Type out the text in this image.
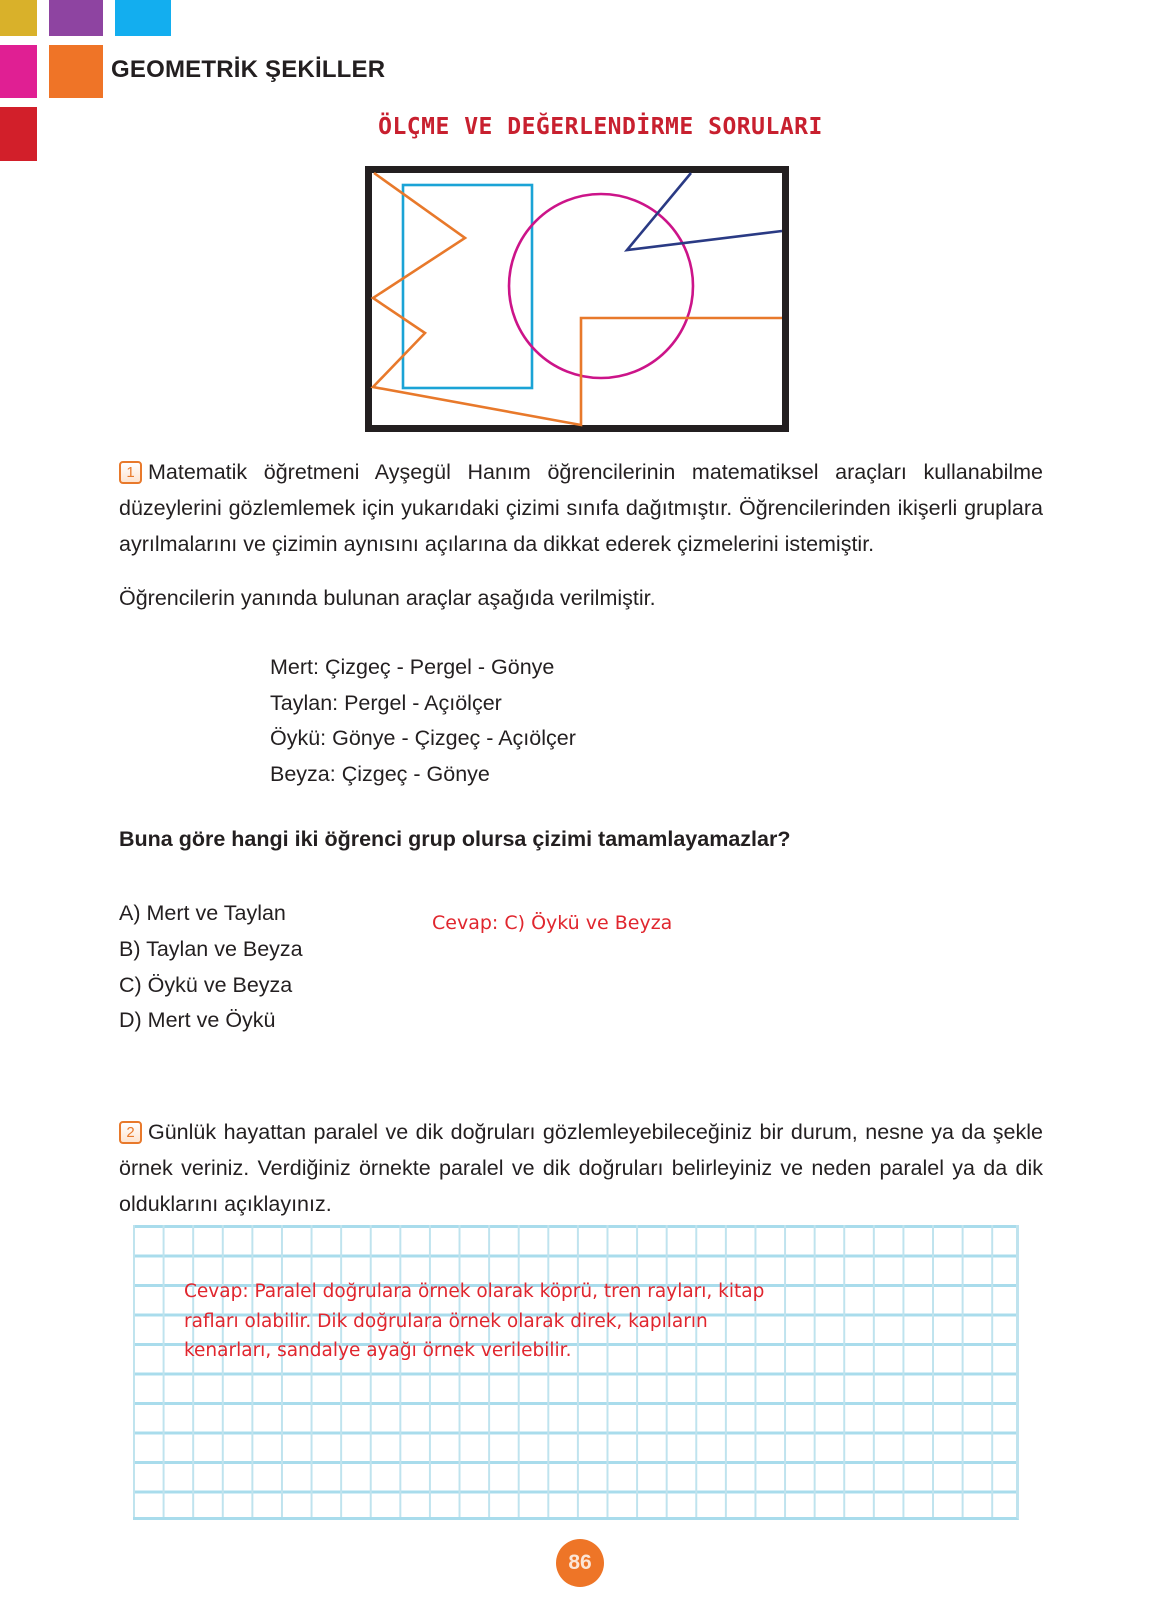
GEOMETRİK ŞEKİLLER
ÖLÇME VE DEĞERLENDİRME SORULARI
1 Matematik öğretmeni Ayşegül Hanım öğrencilerinin matematiksel araçları kullanabilme düzeylerini gözlemlemek için yukarıdaki çizimi sınıfa dağıtmıştır. Öğrencilerinden ikişerli gruplara ayrılmalarını ve çizimin aynısını açılarına da dikkat ederek çizmelerini istemiştir.
Öğrencilerin yanında bulunan araçlar aşağıda verilmiştir.
Mert: Çizgeç - Pergel - Gönye
Taylan: Pergel - Açıölçer
Öykü: Gönye - Çizgeç - Açıölçer
Beyza: Çizgeç - Gönye
Buna göre hangi iki öğrenci grup olursa çizimi tamamlayamazlar?
A) Mert ve Taylan
B) Taylan ve Beyza
C) Öykü ve Beyza
D) Mert ve Öykü
Cevap: C) Öykü ve Beyza
2 Günlük hayattan paralel ve dik doğruları gözlemleyebileceğiniz bir durum, nesne ya da şekle örnek veriniz. Verdiğiniz örnekte paralel ve dik doğruları belirleyiniz ve neden paralel ya da dik olduklarını açıklayınız.
Cevap: Paralel doğrulara örnek olarak köprü, tren rayları, kitap
rafları olabilir. Dik doğrulara örnek olarak direk, kapıların
kenarları, sandalye ayağı örnek verilebilir.
86
